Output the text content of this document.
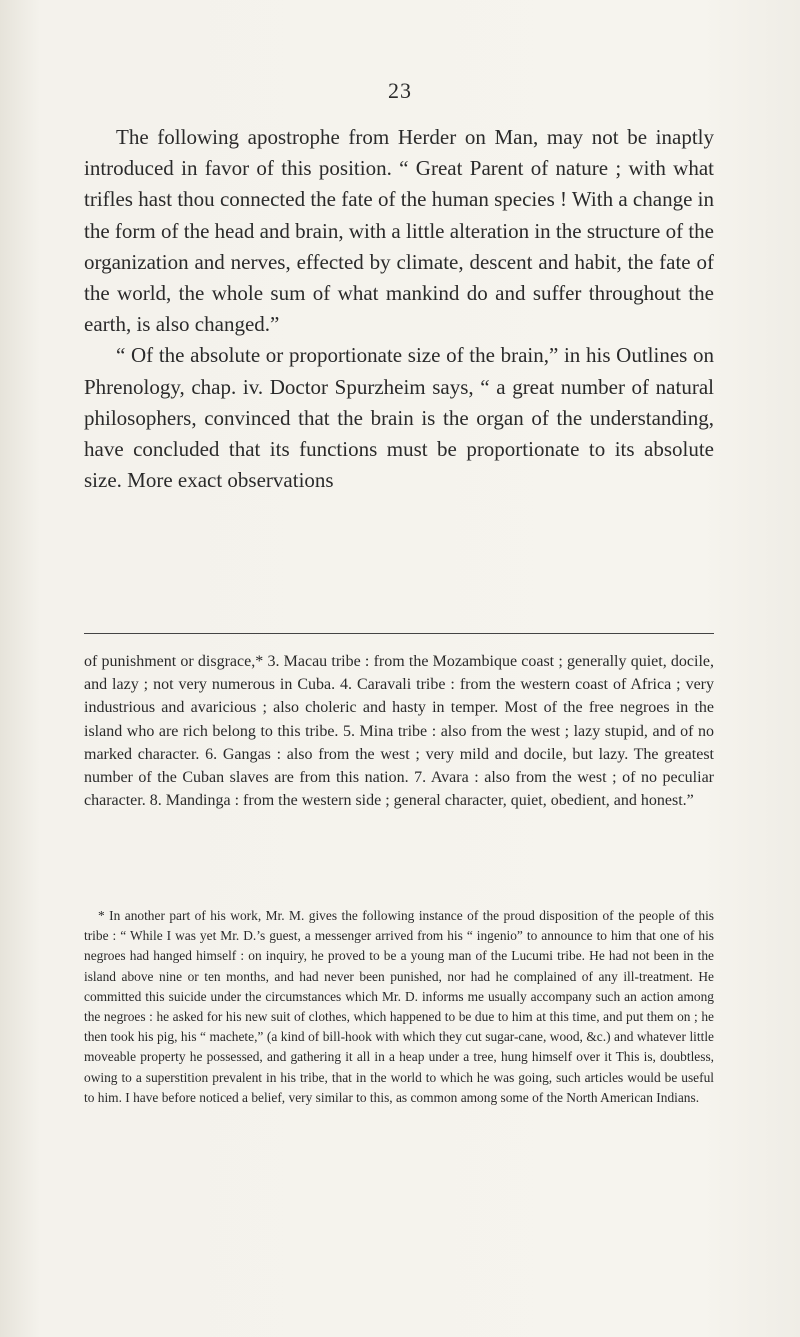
23

The following apostrophe from Herder on Man, may not be inaptly introduced in favor of this position. “ Great Parent of nature ; with what trifles hast thou connected the fate of the human species ! With a change in the form of the head and brain, with a little alteration in the structure of the organization and nerves, effected by climate, descent and habit, the fate of the world, the whole sum of what mankind do and suffer throughout the earth, is also changed.”

“ Of the absolute or proportionate size of the brain,” in his Outlines on Phrenology, chap. iv. Doctor Spurzheim says, “ a great number of natural philosophers, convinced that the brain is the organ of the understanding, have concluded that its functions must be proportionate to its absolute size. More exact observations

of punishment or disgrace,* 3. Macau tribe : from the Mozambique coast ; generally quiet, docile, and lazy ; not very numerous in Cuba. 4. Caravali tribe : from the western coast of Africa ; very industrious and avaricious ; also choleric and hasty in temper. Most of the free negroes in the island who are rich belong to this tribe. 5. Mina tribe : also from the west ; lazy stupid, and of no marked character. 6. Gangas : also from the west ; very mild and docile, but lazy. The greatest number of the Cuban slaves are from this nation. 7. Avara : also from the west ; of no peculiar character. 8. Mandinga : from the western side ; general character, quiet, obedient, and honest.”

* In another part of his work, Mr. M. gives the following instance of the proud disposition of the people of this tribe : “ While I was yet Mr. D.’s guest, a messenger arrived from his “ ingenio” to announce to him that one of his negroes had hanged himself : on inquiry, he proved to be a young man of the Lucumi tribe. He had not been in the island above nine or ten months, and had never been punished, nor had he complained of any ill-treatment. He committed this suicide under the circumstances which Mr. D. informs me usually accompany such an action among the negroes : he asked for his new suit of clothes, which happened to be due to him at this time, and put them on ; he then took his pig, his “ machete,” (a kind of bill-hook with which they cut sugar-cane, wood, &c.) and whatever little moveable property he possessed, and gathering it all in a heap under a tree, hung himself over it This is, doubtless, owing to a superstition prevalent in his tribe, that in the world to which he was going, such articles would be useful to him. I have before noticed a belief, very similar to this, as common among some of the North American Indians.
